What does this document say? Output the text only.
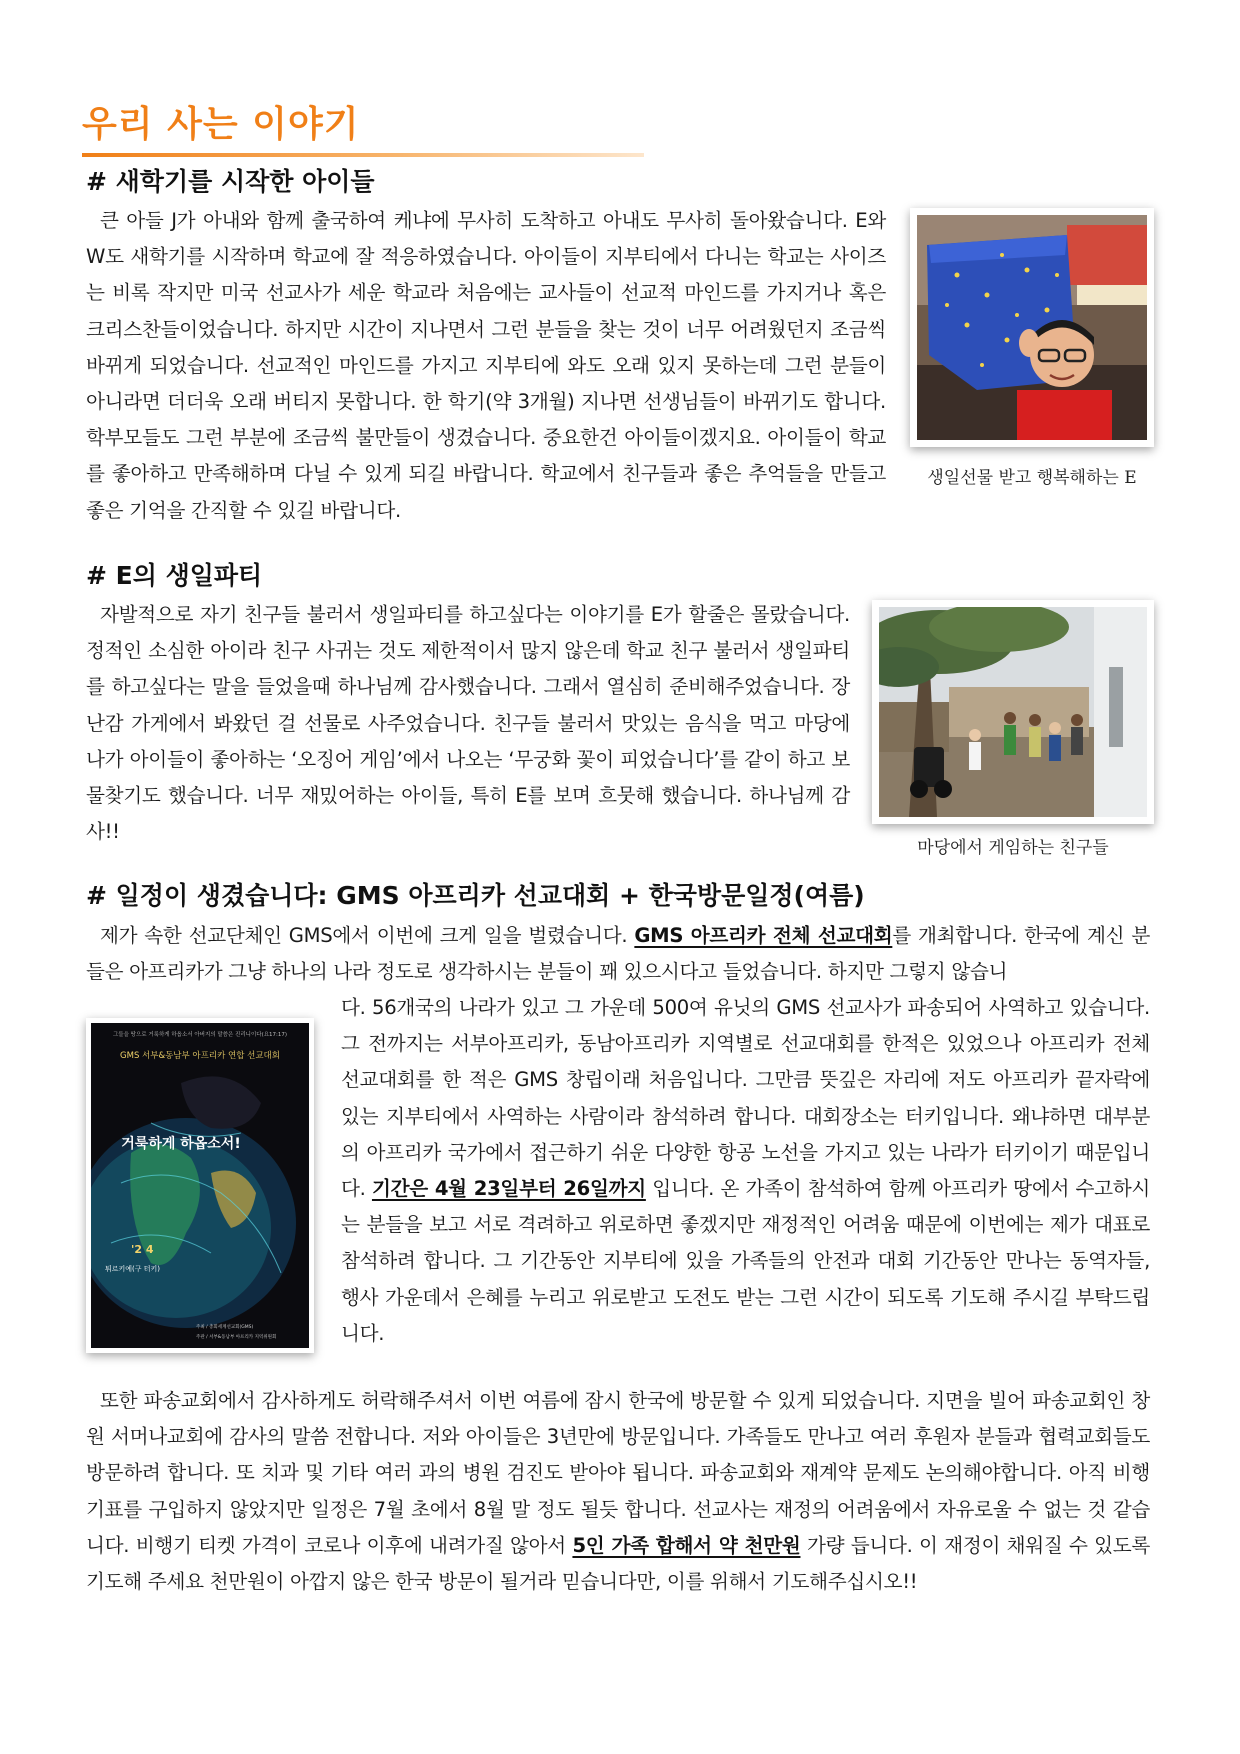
우리 사는 이야기
# 새학기를 시작한 아이들

큰 아들 J가 아내와 함께 출국하여 케냐에 무사히 도착하고 아내도 무사히 돌아왔습니다. E와 W도 새학기를 시작하며 학교에 잘 적응하였습니다. 아이들이 지부티에서 다니는 학교는 사이즈는 비록 작지만 미국 선교사가 세운 학교라 처음에는 교사들이 선교적 마인드를 가지거나 혹은 크리스찬들이었습니다. 하지만 시간이 지나면서 그런 분들을 찾는 것이 너무 어려웠던지 조금씩 바뀌게 되었습니다. 선교적인 마인드를 가지고 지부티에 와도 오래 있지 못하는데 그런 분들이 아니라면 더더욱 오래 버티지 못합니다. 한 학기(약 3개월) 지나면 선생님들이 바뀌기도 합니다. 학부모들도 그런 부분에 조금씩 불만들이 생겼습니다. 중요한건 아이들이겠지요. 아이들이 학교를 좋아하고 만족해하며 다닐 수 있게 되길 바랍니다. 학교에서 친구들과 좋은 추억들을 만들고 좋은 기억을 간직할 수 있길 바랍니다.

생일선물 받고 행복해하는 E

# E의 생일파티

자발적으로 자기 친구들 불러서 생일파티를 하고싶다는 이야기를 E가 할줄은 몰랐습니다. 정적인 소심한 아이라 친구 사귀는 것도 제한적이서 많지 않은데 학교 친구 불러서 생일파티를 하고싶다는 말을 들었을때 하나님께 감사했습니다. 그래서 열심히 준비해주었습니다. 장난감 가게에서 봐왔던 걸 선물로 사주었습니다. 친구들 불러서 맛있는 음식을 먹고 마당에 나가 아이들이 좋아하는 ‘오징어 게임’에서 나오는 ‘무궁화 꽃이 피었습니다’를 같이 하고 보물찾기도 했습니다. 너무 재밌어하는 아이들, 특히 E를 보며 흐뭇해 했습니다. 하나님께 감사!!

마당에서 게임하는 친구들

# 일정이 생겼습니다: GMS 아프리카 선교대회 + 한국방문일정(여름)

제가 속한 선교단체인 GMS에서 이번에 크게 일을 벌렸습니다. GMS 아프리카 전체 선교대회를 개최합니다. 한국에 계신 분들은 아프리카가 그냥 하나의 나라 정도로 생각하시는 분들이 꽤 있으시다고 들었습니다. 하지만 그렇지 않습니

그들을 땅으로 거룩하게 하옵소서 아버지의 말씀은 진리니이다(요17:17)
GMS 서부&동남부 아프리카 연합 선교대회
거룩하게 하옵소서!
'2 4
튀르키예(구 터키)
주최 / 총회세계선교회(GMS)
주관 / 서부&동남부 아프리카 지역위원회

다. 56개국의 나라가 있고 그 가운데 500여 유닛의 GMS 선교사가 파송되어 사역하고 있습니다. 그 전까지는 서부아프리카, 동남아프리카 지역별로 선교대회를 한적은 있었으나 아프리카 전체 선교대회를 한 적은 GMS 창립이래 처음입니다. 그만큼 뜻깊은 자리에 저도 아프리카 끝자락에 있는 지부티에서 사역하는 사람이라 참석하려 합니다. 대회장소는 터키입니다. 왜냐하면 대부분의 아프리카 국가에서 접근하기 쉬운 다양한 항공 노선을 가지고 있는 나라가 터키이기 때문입니다. 기간은 4월 23일부터 26일까지 입니다. 온 가족이 참석하여 함께 아프리카 땅에서 수고하시는 분들을 보고 서로 격려하고 위로하면 좋겠지만 재정적인 어려움 때문에 이번에는 제가 대표로 참석하려 합니다. 그 기간동안 지부티에 있을 가족들의 안전과 대회 기간동안 만나는 동역자들, 행사 가운데서 은혜를 누리고 위로받고 도전도 받는 그런 시간이 되도록 기도해 주시길 부탁드립니다.

또한 파송교회에서 감사하게도 허락해주셔서 이번 여름에 잠시 한국에 방문할 수 있게 되었습니다. 지면을 빌어 파송교회인 창원 서머나교회에 감사의 말씀 전합니다. 저와 아이들은 3년만에 방문입니다. 가족들도 만나고 여러 후원자 분들과 협력교회들도 방문하려 합니다. 또 치과 및 기타 여러 과의 병원 검진도 받아야 됩니다. 파송교회와 재계약 문제도 논의해야합니다. 아직 비행기표를 구입하지 않았지만 일정은 7월 초에서 8월 말 정도 될듯 합니다. 선교사는 재정의 어려움에서 자유로울 수 없는 것 같습니다. 비행기 티켓 가격이 코로나 이후에 내려가질 않아서 5인 가족 합해서 약 천만원 가량 듭니다. 이 재정이 채워질 수 있도록 기도해 주세요 천만원이 아깝지 않은 한국 방문이 될거라 믿습니다만, 이를 위해서 기도해주십시오!!
